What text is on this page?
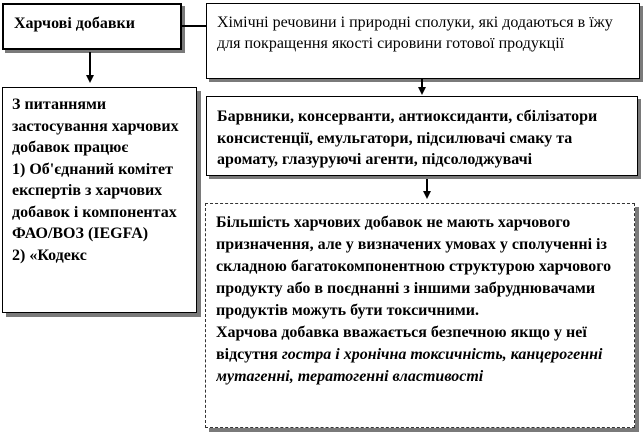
Харчові добавки	Хімічні речовини і природні сполуки, які додаються в їжу для покращення якості сировини готової продукції

З питаннями застосування харчових добавок працює

1) Об'єднаний комітет експертів з харчових добавок і компонентах ФАО/ВОЗ (IEGFA)

2) «Кодекс

Барвники, консерванти, антиоксиданти, сбілізатори консистенції, емульгатори, підсилювачі смаку та аромату, глазуруючі агенти, підсолоджувачі

Більшість харчових добавок не мають харчового призначення, але у визначених умовах у сполученні із складною багатокомпонентною структурою харчового продукту або в поєднанні з іншими забруднювачами продуктів можуть бути токсичними.

Харчова добавка вважається безпечною якщо у неї відсутня гостра і хронічна токсичність, канцерогенні мутагенні, тератогенні властивості
